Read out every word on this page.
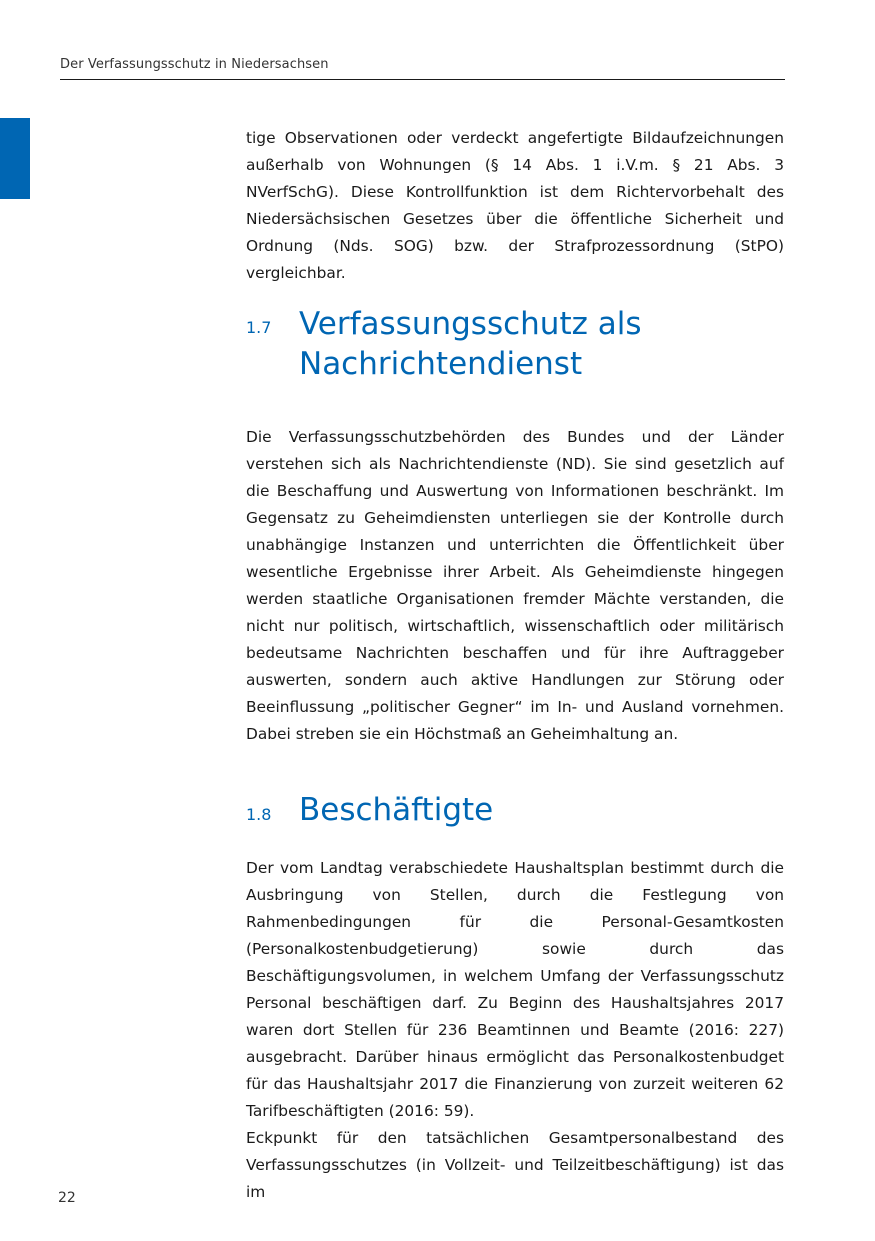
Der Verfassungsschutz in Niedersachsen

tige Observationen oder verdeckt angefertigte Bildaufzeichnungen außerhalb von Wohnungen (§ 14 Abs. 1 i.V.m. § 21 Abs. 3 NVerfSchG). Diese Kontrollfunktion ist dem Richtervorbehalt des Niedersächsischen Gesetzes über die öffentliche Sicherheit und Ordnung (Nds. SOG) bzw. der Strafprozessordnung (StPO) vergleichbar.

1.7 Verfassungsschutz als
Nachrichtendienst

Die Verfassungsschutzbehörden des Bundes und der Länder verstehen sich als Nachrichtendienste (ND). Sie sind gesetzlich auf die Beschaffung und Auswertung von Informationen beschränkt. Im Gegensatz zu Geheimdiensten unterliegen sie der Kontrolle durch unabhängige Instanzen und unterrichten die Öffentlichkeit über wesentliche Ergebnisse ihrer Arbeit. Als Geheimdienste hingegen werden staatliche Organisationen fremder Mächte verstanden, die nicht nur politisch, wirtschaftlich, wissenschaftlich oder militärisch bedeutsame Nachrichten beschaffen und für ihre Auftraggeber auswerten, sondern auch aktive Handlungen zur Störung oder Beeinflussung „politischer Gegner“ im In- und Ausland vornehmen. Dabei streben sie ein Höchstmaß an Geheimhaltung an.

1.8 Beschäftigte

Der vom Landtag verabschiedete Haushaltsplan bestimmt durch die Ausbringung von Stellen, durch die Festlegung von Rahmenbedingungen für die Personal-Gesamtkosten (Personalkostenbudgetierung) sowie durch das Beschäftigungsvolumen, in welchem Umfang der Verfassungsschutz Personal beschäftigen darf. Zu Beginn des Haushaltsjahres 2017 waren dort Stellen für 236 Beamtinnen und Beamte (2016: 227) ausgebracht. Darüber hinaus ermöglicht das Personalkostenbudget für das Haushaltsjahr 2017 die Finanzierung von zurzeit weiteren 62 Tarifbeschäftigten (2016: 59).

Eckpunkt für den tatsächlichen Gesamtpersonalbestand des Verfassungsschutzes (in Vollzeit- und Teilzeitbeschäftigung) ist das im

22
